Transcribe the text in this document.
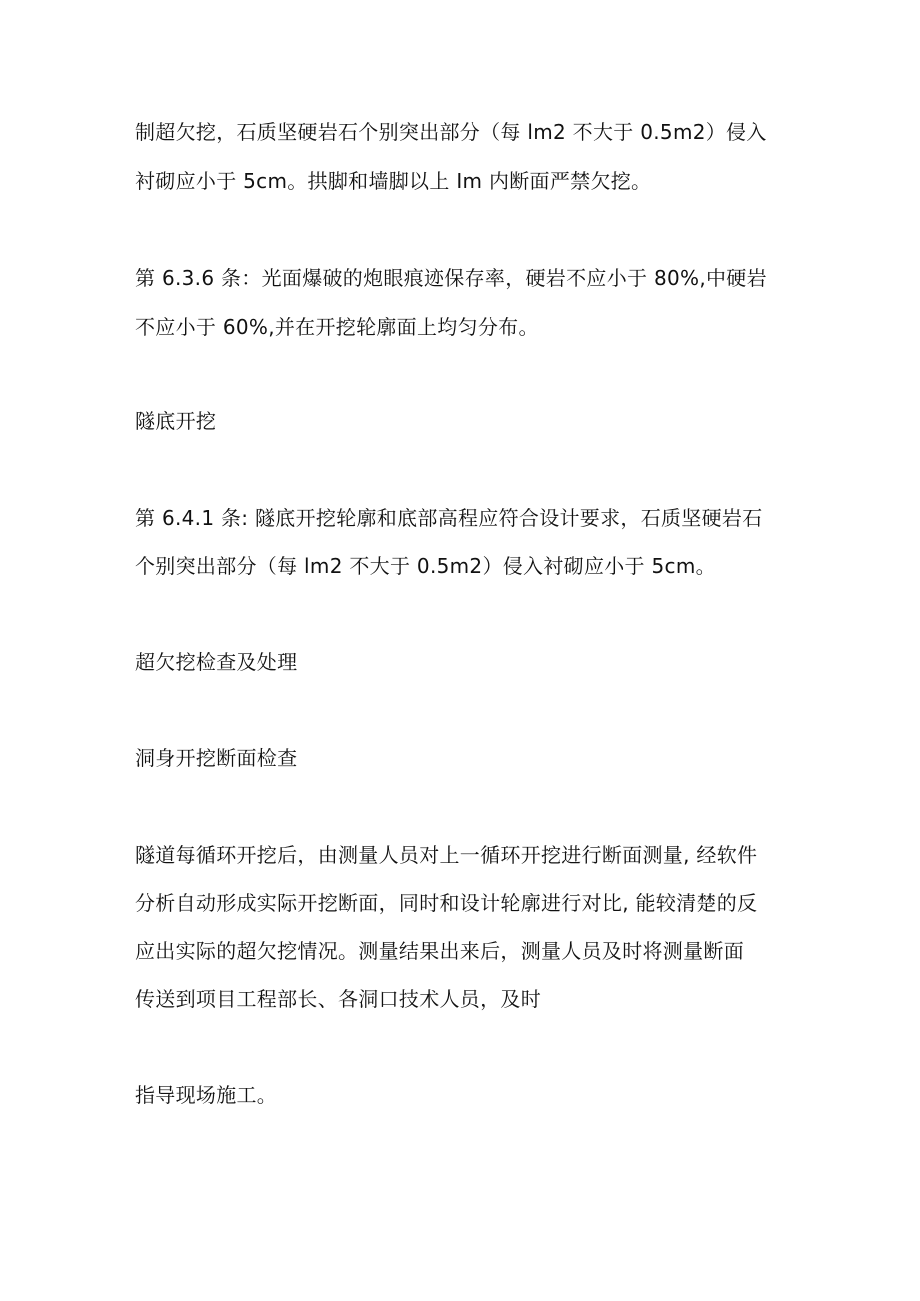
制超欠挖，石质坚硬岩石个别突出部分（每 lm2 不大于 0.5m2）侵入
衬砌应小于 5cm。拱脚和墙脚以上 Im 内断面严禁欠挖。
第 6.3.6 条：光面爆破的炮眼痕迹保存率，硬岩不应小于 80%,中硬岩
不应小于 60%,并在开挖轮廓面上均匀分布。
隧底开挖
第 6.4.1 条: 隧底开挖轮廓和底部高程应符合设计要求，石质坚硬岩石
个别突出部分（每 lm2 不大于 0.5m2）侵入衬砌应小于 5cm。
超欠挖检查及处理
洞身开挖断面检查
隧道每循环开挖后，由测量人员对上一循环开挖进行断面测量, 经软件
分析自动形成实际开挖断面，同时和设计轮廓进行对比, 能较清楚的反
应出实际的超欠挖情况。测量结果出来后，测量人员及时将测量断面
传送到项目工程部长、各洞口技术人员，及时
指导现场施工。
